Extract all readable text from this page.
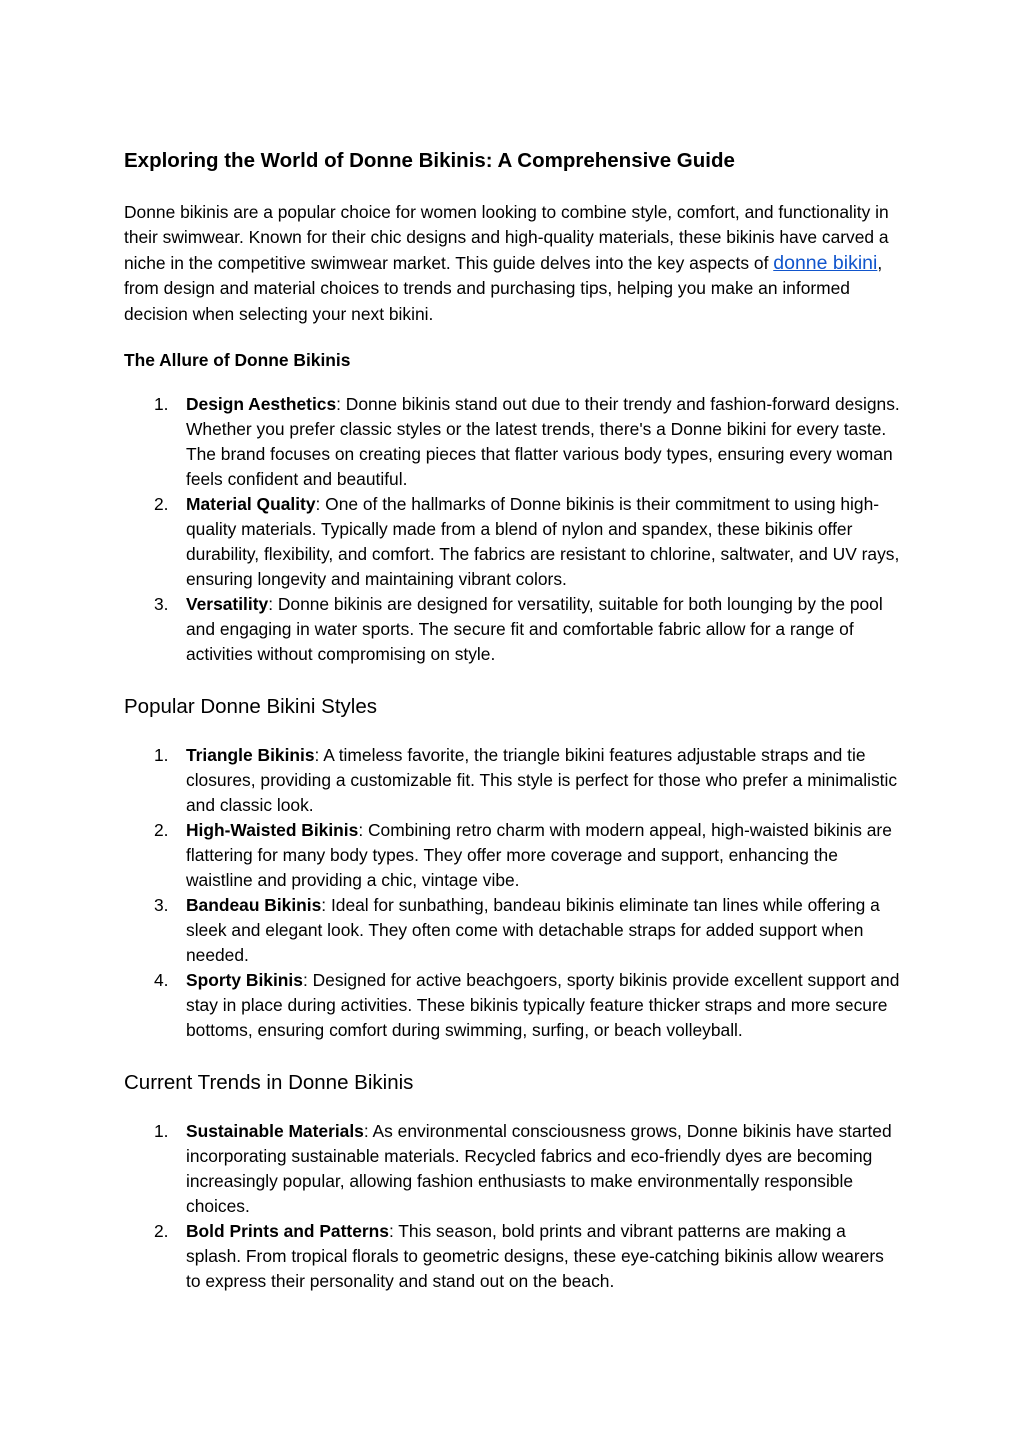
Exploring the World of Donne Bikinis: A Comprehensive Guide

Donne bikinis are a popular choice for women looking to combine style, comfort, and functionality in their swimwear. Known for their chic designs and high-quality materials, these bikinis have carved a niche in the competitive swimwear market. This guide delves into the key aspects of donne bikini, from design and material choices to trends and purchasing tips, helping you make an informed decision when selecting your next bikini.

The Allure of Donne Bikinis
1. Design Aesthetics: Donne bikinis stand out due to their trendy and fashion-forward designs. Whether you prefer classic styles or the latest trends, there's a Donne bikini for every taste. The brand focuses on creating pieces that flatter various body types, ensuring every woman feels confident and beautiful.
2. Material Quality: One of the hallmarks of Donne bikinis is their commitment to using high-quality materials. Typically made from a blend of nylon and spandex, these bikinis offer durability, flexibility, and comfort. The fabrics are resistant to chlorine, saltwater, and UV rays, ensuring longevity and maintaining vibrant colors.
3. Versatility: Donne bikinis are designed for versatility, suitable for both lounging by the pool and engaging in water sports. The secure fit and comfortable fabric allow for a range of activities without compromising on style.
Popular Donne Bikini Styles
1. Triangle Bikinis: A timeless favorite, the triangle bikini features adjustable straps and tie closures, providing a customizable fit. This style is perfect for those who prefer a minimalistic and classic look.
2. High-Waisted Bikinis: Combining retro charm with modern appeal, high-waisted bikinis are flattering for many body types. They offer more coverage and support, enhancing the waistline and providing a chic, vintage vibe.
3. Bandeau Bikinis: Ideal for sunbathing, bandeau bikinis eliminate tan lines while offering a sleek and elegant look. They often come with detachable straps for added support when needed.
4. Sporty Bikinis: Designed for active beachgoers, sporty bikinis provide excellent support and stay in place during activities. These bikinis typically feature thicker straps and more secure bottoms, ensuring comfort during swimming, surfing, or beach volleyball.
Current Trends in Donne Bikinis
1. Sustainable Materials: As environmental consciousness grows, Donne bikinis have started incorporating sustainable materials. Recycled fabrics and eco-friendly dyes are becoming increasingly popular, allowing fashion enthusiasts to make environmentally responsible choices.
2. Bold Prints and Patterns: This season, bold prints and vibrant patterns are making a splash. From tropical florals to geometric designs, these eye-catching bikinis allow wearers to express their personality and stand out on the beach.
